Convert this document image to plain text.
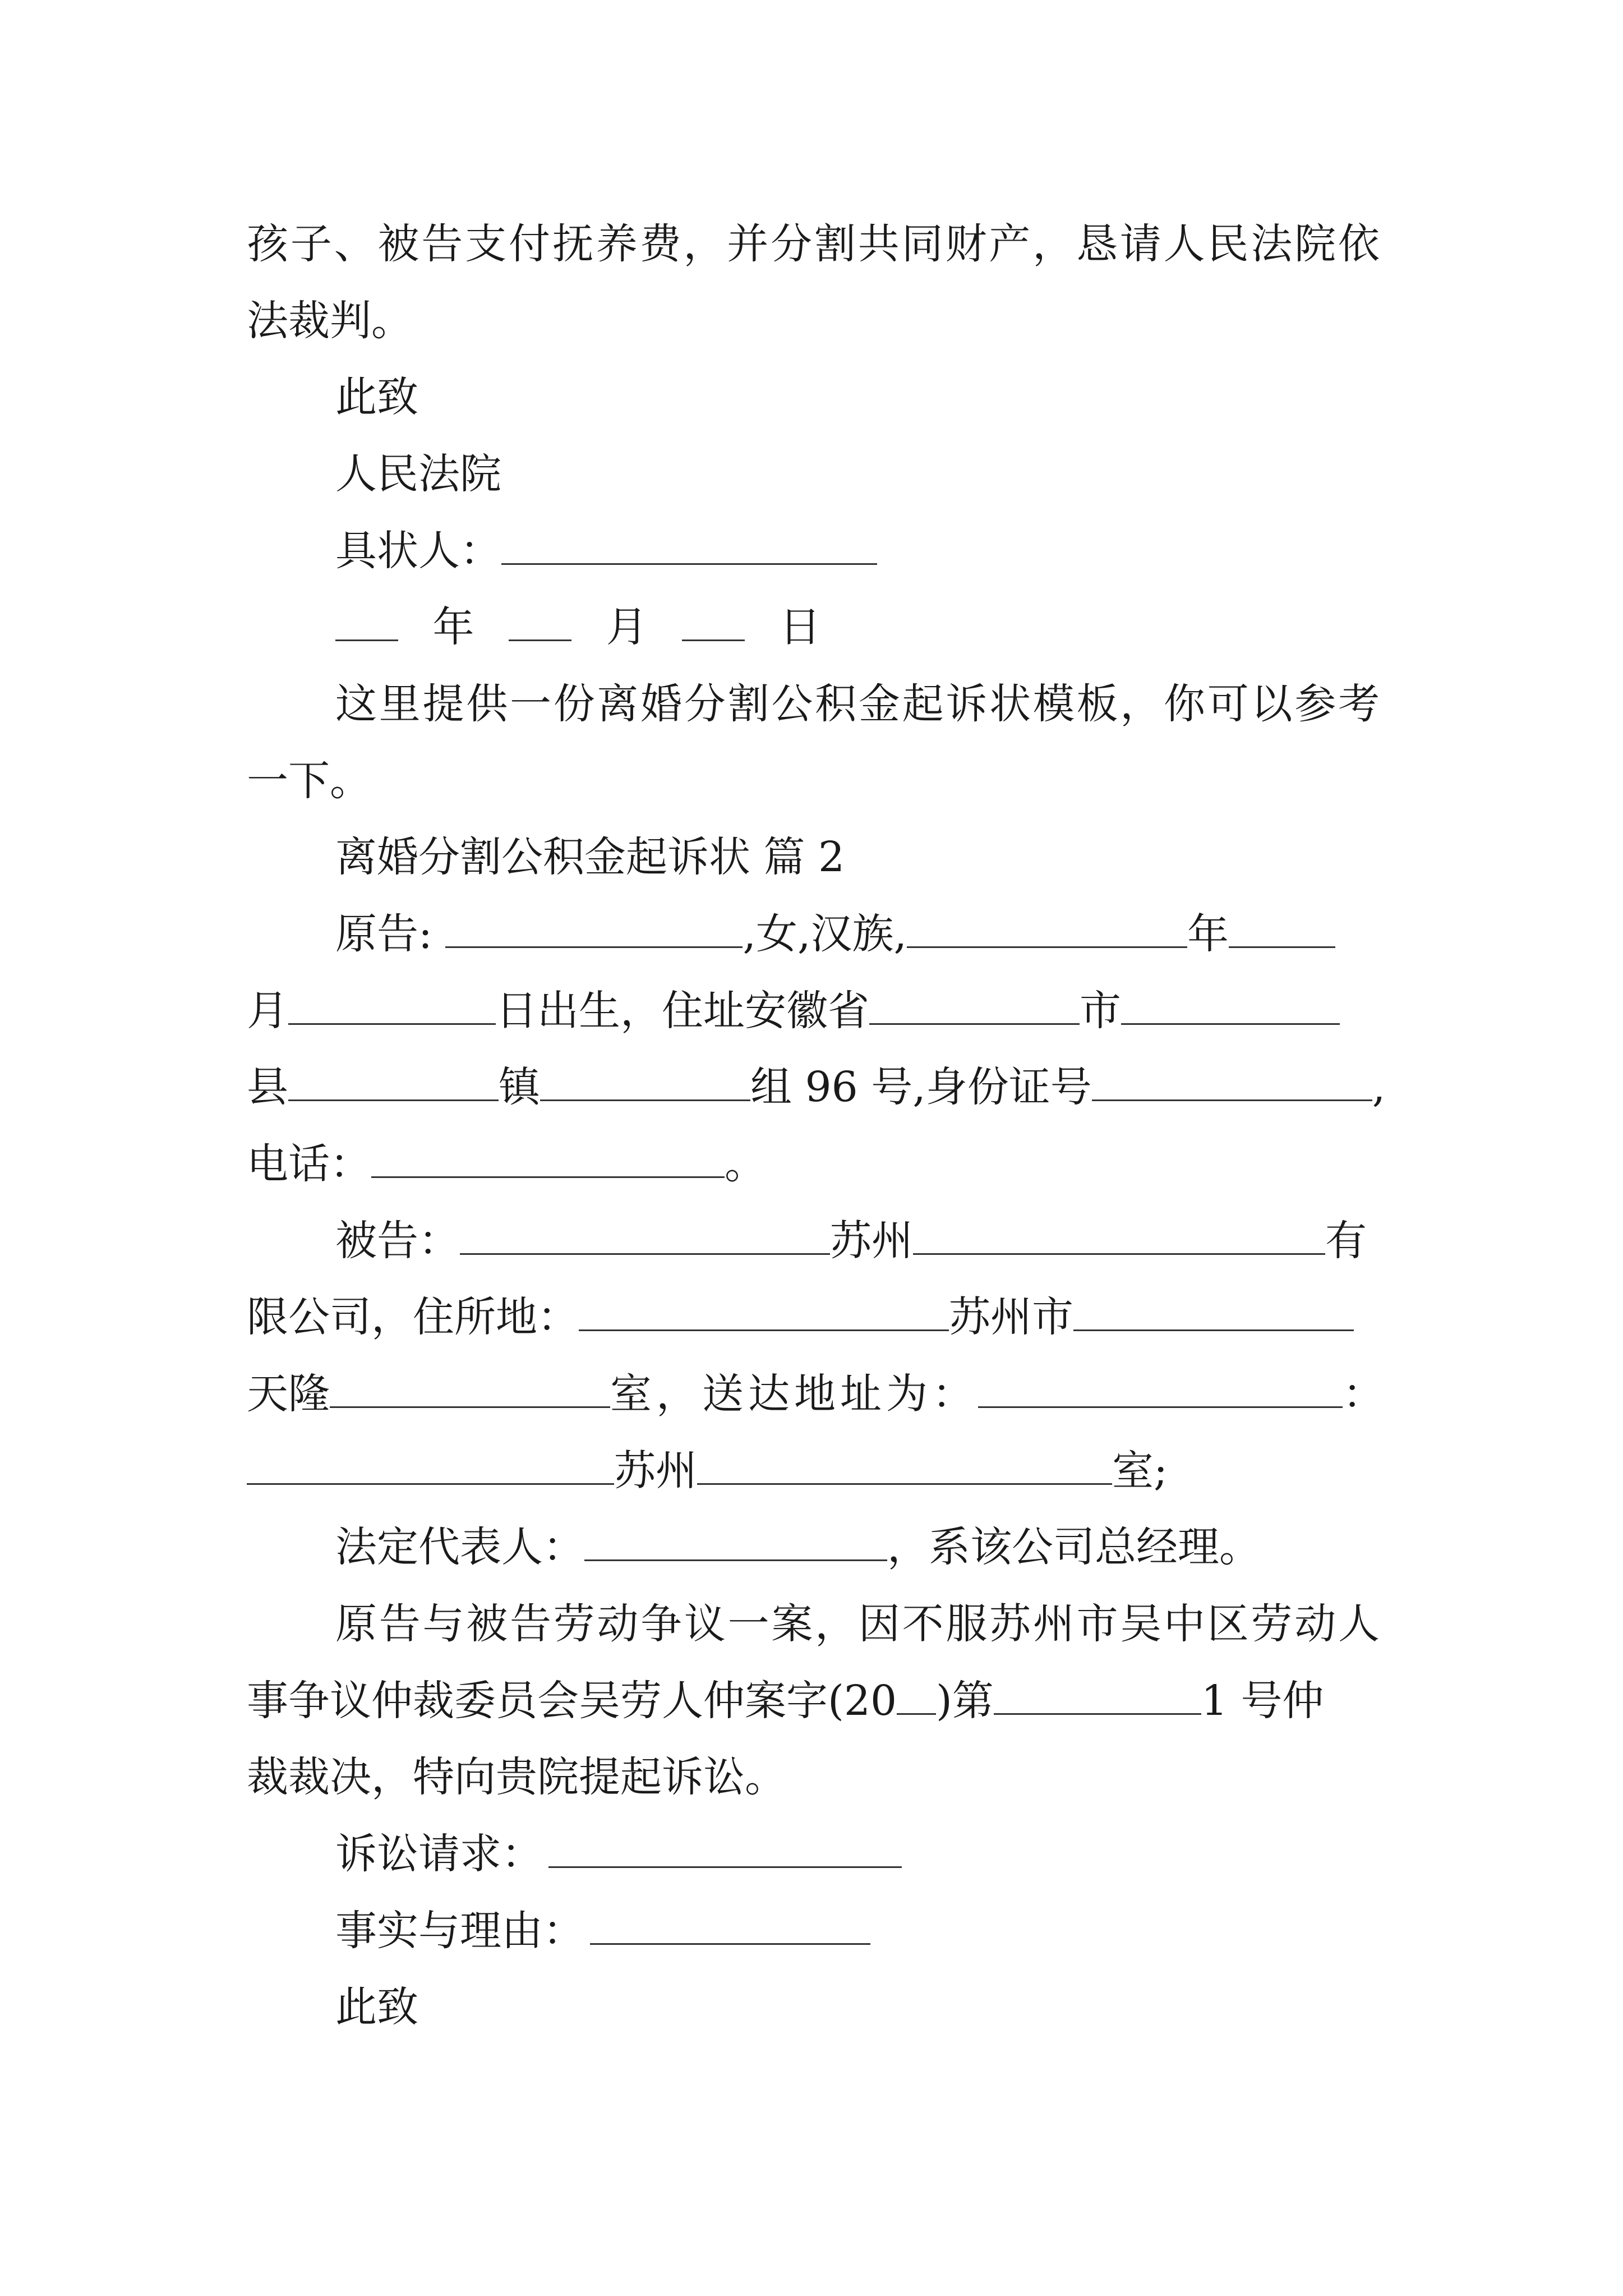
孩子、被告支付抚养费，并分割共同财产，恳请人民法院依
法裁判。
此致
人民法院
具状人：
年	月	日
这里提供一份离婚分割公积金起诉状模板，你可以参考
一下。
离婚分割公积金起诉状 篇 2
原告:	,女,汉族,	年
月	日出生，住址安徽省	市
县	镇	组 96 号,身份证号	,
电话：	。
被告：	苏州	有
限公司，住所地：	苏州市
天隆	室，送达地址为：	：
苏州	室;
法定代表人：	，系该公司总经理。
原告与被告劳动争议一案，因不服苏州市吴中区劳动人
事争议仲裁委员会吴劳人仲案字(20 )第	1 号仲
裁裁决，特向贵院提起诉讼。
诉讼请求：
事实与理由：
此致
